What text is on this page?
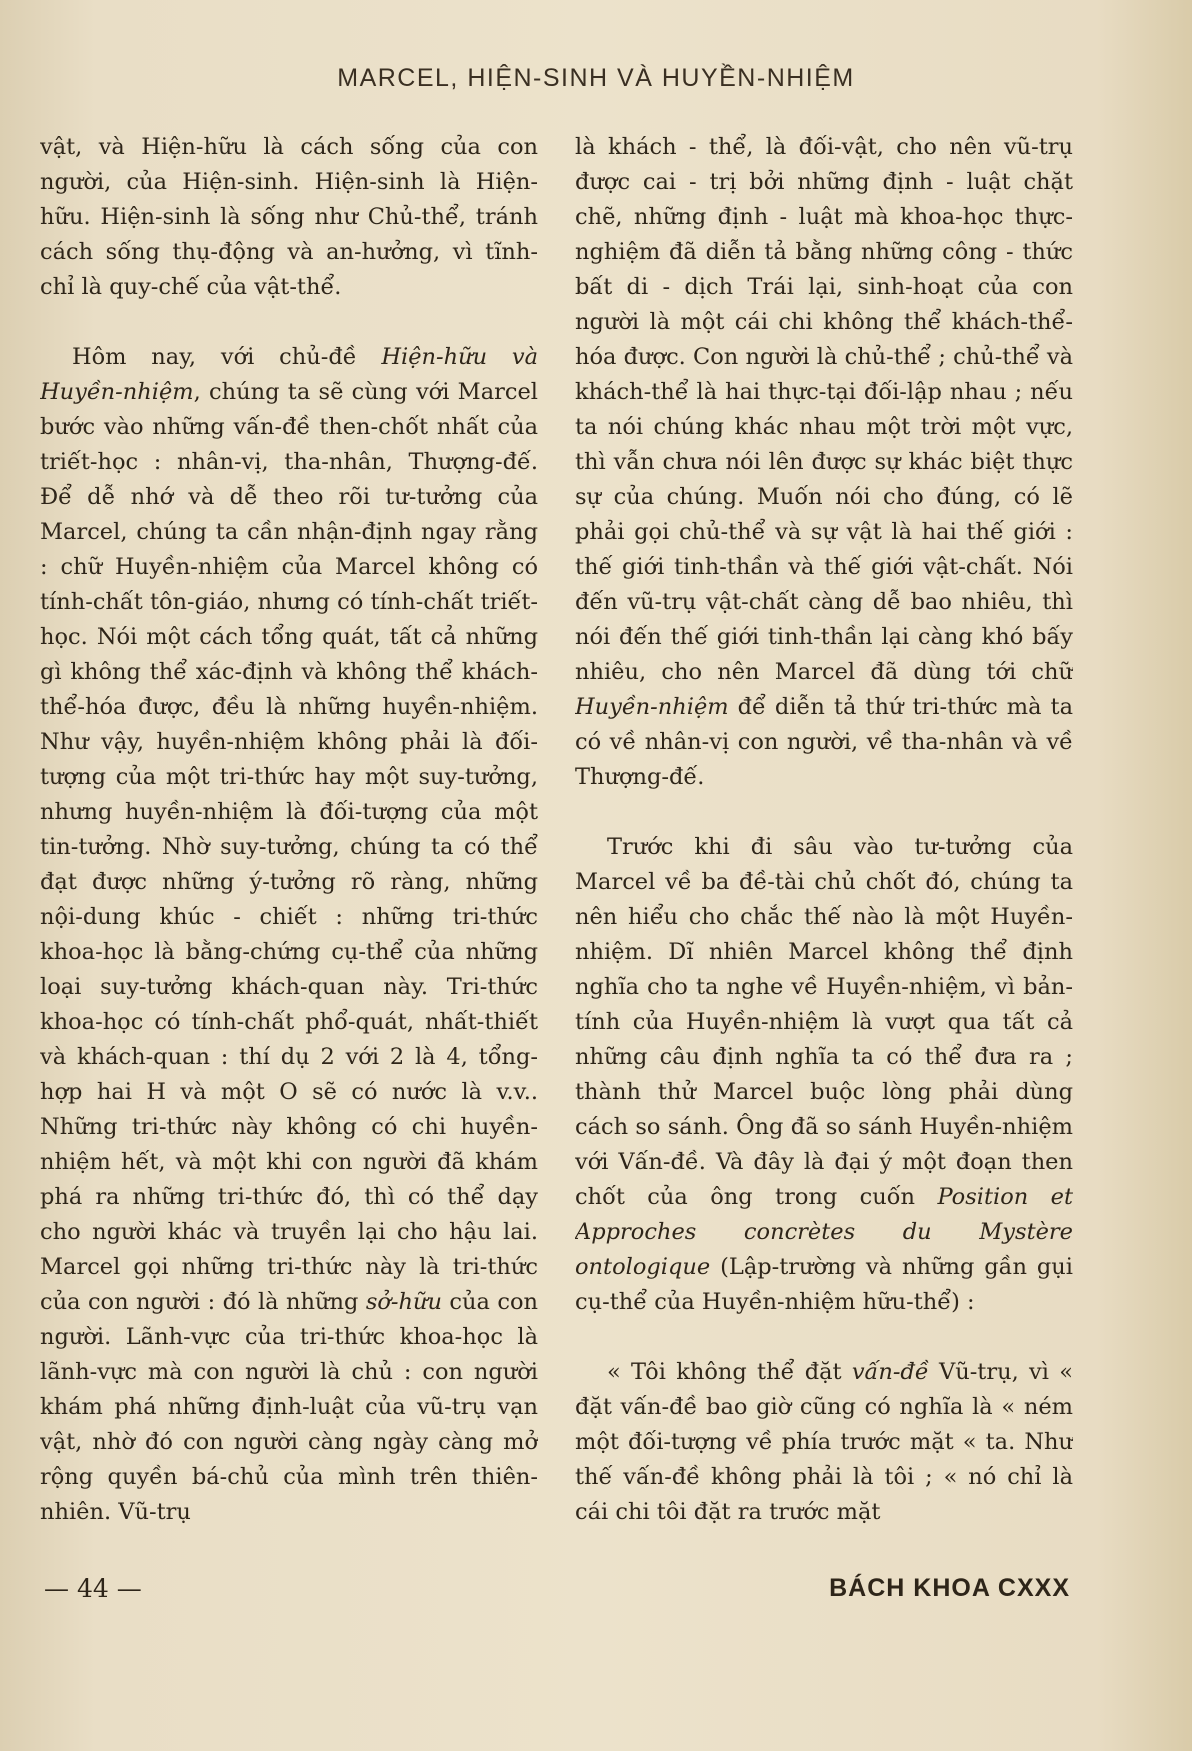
MARCEL, HIỆN-SINH VÀ HUYỀN-NHIỆM

vật, và Hiện-hữu là cách sống của con người, của Hiện-sinh. Hiện-sinh là Hiện-hữu. Hiện-sinh là sống như Chủ-thể, tránh cách sống thụ-động và an-hưởng, vì tĩnh-chỉ là quy-chế của vật-thể.

Hôm nay, với chủ-đề Hiện-hữu và Huyền-nhiệm, chúng ta sẽ cùng với Marcel bước vào những vấn-đề then-chốt nhất của triết-học : nhân-vị, tha-nhân, Thượng-đế. Để dễ nhớ và dễ theo rõi tư-tưởng của Marcel, chúng ta cần nhận-định ngay rằng : chữ Huyền-nhiệm của Marcel không có tính-chất tôn-giáo, nhưng có tính-chất triết-học. Nói một cách tổng quát, tất cả những gì không thể xác-định và không thể khách-thể-hóa được, đều là những huyền-nhiệm. Như vậy, huyền-nhiệm không phải là đối-tượng của một tri-thức hay một suy-tưởng, nhưng huyền-nhiệm là đối-tượng của một tin-tưởng. Nhờ suy-tưởng, chúng ta có thể đạt được những ý-tưởng rõ ràng, những nội-dung khúc - chiết : những tri-thức khoa-học là bằng-chứng cụ-thể của những loại suy-tưởng khách-quan này. Tri-thức khoa-học có tính-chất phổ-quát, nhất-thiết và khách-quan : thí dụ 2 với 2 là 4, tổng-hợp hai H và một O sẽ có nước là v.v.. Những tri-thức này không có chi huyền-nhiệm hết, và một khi con người đã khám phá ra những tri-thức đó, thì có thể dạy cho người khác và truyền lại cho hậu lai. Marcel gọi những tri-thức này là tri-thức của con người : đó là những sở-hữu của con người. Lãnh-vực của tri-thức khoa-học là lãnh-vực mà con người là chủ : con người khám phá những định-luật của vũ-trụ vạn vật, nhờ đó con người càng ngày càng mở rộng quyền bá-chủ của mình trên thiên-nhiên. Vũ-trụ

là khách - thể, là đối-vật, cho nên vũ-trụ được cai - trị bởi những định - luật chặt chẽ, những định - luật mà khoa-học thực-nghiệm đã diễn tả bằng những công - thức bất di - dịch Trái lại, sinh-hoạt của con người là một cái chi không thể khách-thể-hóa được. Con người là chủ-thể ; chủ-thể và khách-thể là hai thực-tại đối-lập nhau ; nếu ta nói chúng khác nhau một trời một vực, thì vẫn chưa nói lên được sự khác biệt thực sự của chúng. Muốn nói cho đúng, có lẽ phải gọi chủ-thể và sự vật là hai thế giới : thế giới tinh-thần và thế giới vật-chất. Nói đến vũ-trụ vật-chất càng dễ bao nhiêu, thì nói đến thế giới tinh-thần lại càng khó bấy nhiêu, cho nên Marcel đã dùng tới chữ Huyền-nhiệm để diễn tả thứ tri-thức mà ta có về nhân-vị con người, về tha-nhân và về Thượng-đế.

Trước khi đi sâu vào tư-tưởng của Marcel về ba đề-tài chủ chốt đó, chúng ta nên hiểu cho chắc thế nào là một Huyền-nhiệm. Dĩ nhiên Marcel không thể định nghĩa cho ta nghe về Huyền-nhiệm, vì bản-tính của Huyền-nhiệm là vượt qua tất cả những câu định nghĩa ta có thể đưa ra ; thành thử Marcel buộc lòng phải dùng cách so sánh. Ông đã so sánh Huyền-nhiệm với Vấn-đề. Và đây là đại ý một đoạn then chốt của ông trong cuốn Position et Approches concrètes du Mystère ontologique (Lập-trường và những gần gụi cụ-thể của Huyền-nhiệm hữu-thể) :

« Tôi không thể đặt vấn-đề Vũ-trụ, vì « đặt vấn-đề bao giờ cũng có nghĩa là « ném một đối-tượng về phía trước mặt « ta. Như thế vấn-đề không phải là tôi ; « nó chỉ là cái chi tôi đặt ra trước mặt

— 44 —	BÁCH KHOA CXXX
